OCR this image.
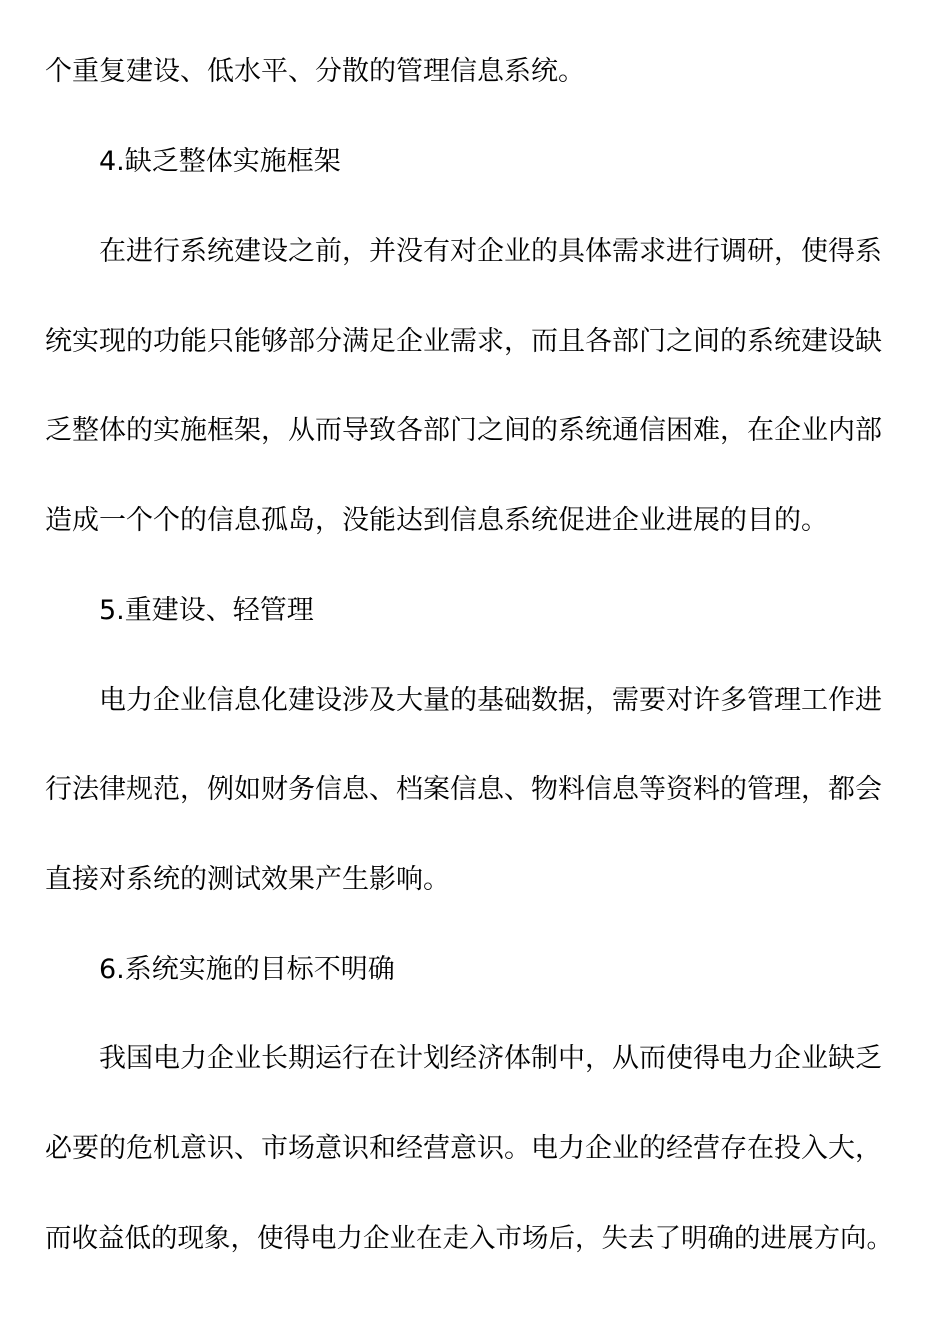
个重复建设、低水平、分散的管理信息系统。
4.缺乏整体实施框架
在进行系统建设之前，并没有对企业的具体需求进行调研，使得系
统实现的功能只能够部分满足企业需求，而且各部门之间的系统建设缺
乏整体的实施框架，从而导致各部门之间的系统通信困难，在企业内部
造成一个个的信息孤岛，没能达到信息系统促进企业进展的目的。
5.重建设、轻管理
电力企业信息化建设涉及大量的基础数据，需要对许多管理工作进
行法律规范，例如财务信息、档案信息、物料信息等资料的管理，都会
直接对系统的测试效果产生影响。
6.系统实施的目标不明确
我国电力企业长期运行在计划经济体制中，从而使得电力企业缺乏
必要的危机意识、市场意识和经营意识。电力企业的经营存在投入大，
而收益低的现象，使得电力企业在走入市场后，失去了明确的进展方向。
